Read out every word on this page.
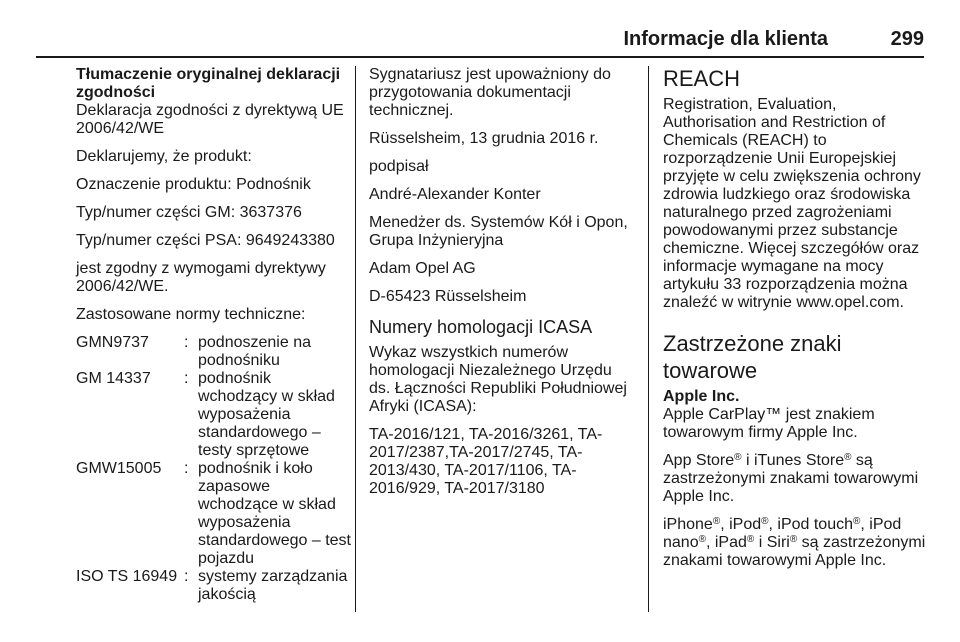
Informacje dla klienta	299

Tłumaczenie oryginalnej deklaracji zgodności

Deklaracja zgodności z dyrektywą UE 2006/42/WE

Deklarujemy, że produkt:

Oznaczenie produktu: Podnośnik

Typ/numer części GM: 3637376

Typ/numer części PSA: 9649243380

jest zgodny z wymogami dyrektywy 2006/42/WE.

Zastosowane normy techniczne:

GMN9737	: podnoszenie na podnośniku
GM 14337	: podnośnik wchodzący w skład wyposażenia standardowego – testy sprzętowe
GMW15005	: podnośnik i koło zapasowe wchodzące w skład wyposażenia standardowego – test pojazdu
ISO TS 16949 : systemy zarządzania jakością

Sygnatariusz jest upoważniony do przygotowania dokumentacji technicznej.

Rüsselsheim, 13 grudnia 2016 r.

podpisał

André-Alexander Konter

Menedżer ds. Systemów Kół i Opon, Grupa Inżynieryjna

Adam Opel AG

D-65423 Rüsselsheim

Numery homologacji ICASA

Wykaz wszystkich numerów homologacji Niezależnego Urzędu ds. Łączności Republiki Południowej Afryki (ICASA):

TA-2016/121, TA-2016/3261, TA-2017/2387,TA-2017/2745, TA-2013/430, TA-2017/1106, TA-2016/929, TA-2017/3180

REACH

Registration, Evaluation, Authorisation and Restriction of Chemicals (REACH) to rozporządzenie Unii Europejskiej przyjęte w celu zwiększenia ochrony zdrowia ludzkiego oraz środowiska naturalnego przed zagrożeniami powodowanymi przez substancje chemiczne. Więcej szczegółów oraz informacje wymagane na mocy artykułu 33 rozporządzenia można znaleźć w witrynie www.opel.com.

Zastrzeżone znaki towarowe

Apple Inc.

Apple CarPlay™ jest znakiem towarowym firmy Apple Inc.

App Store® i iTunes Store® są zastrzeżonymi znakami towarowymi Apple Inc.

iPhone®, iPod®, iPod touch®, iPod nano®, iPad® i Siri® są zastrzeżonymi znakami towarowymi Apple Inc.
